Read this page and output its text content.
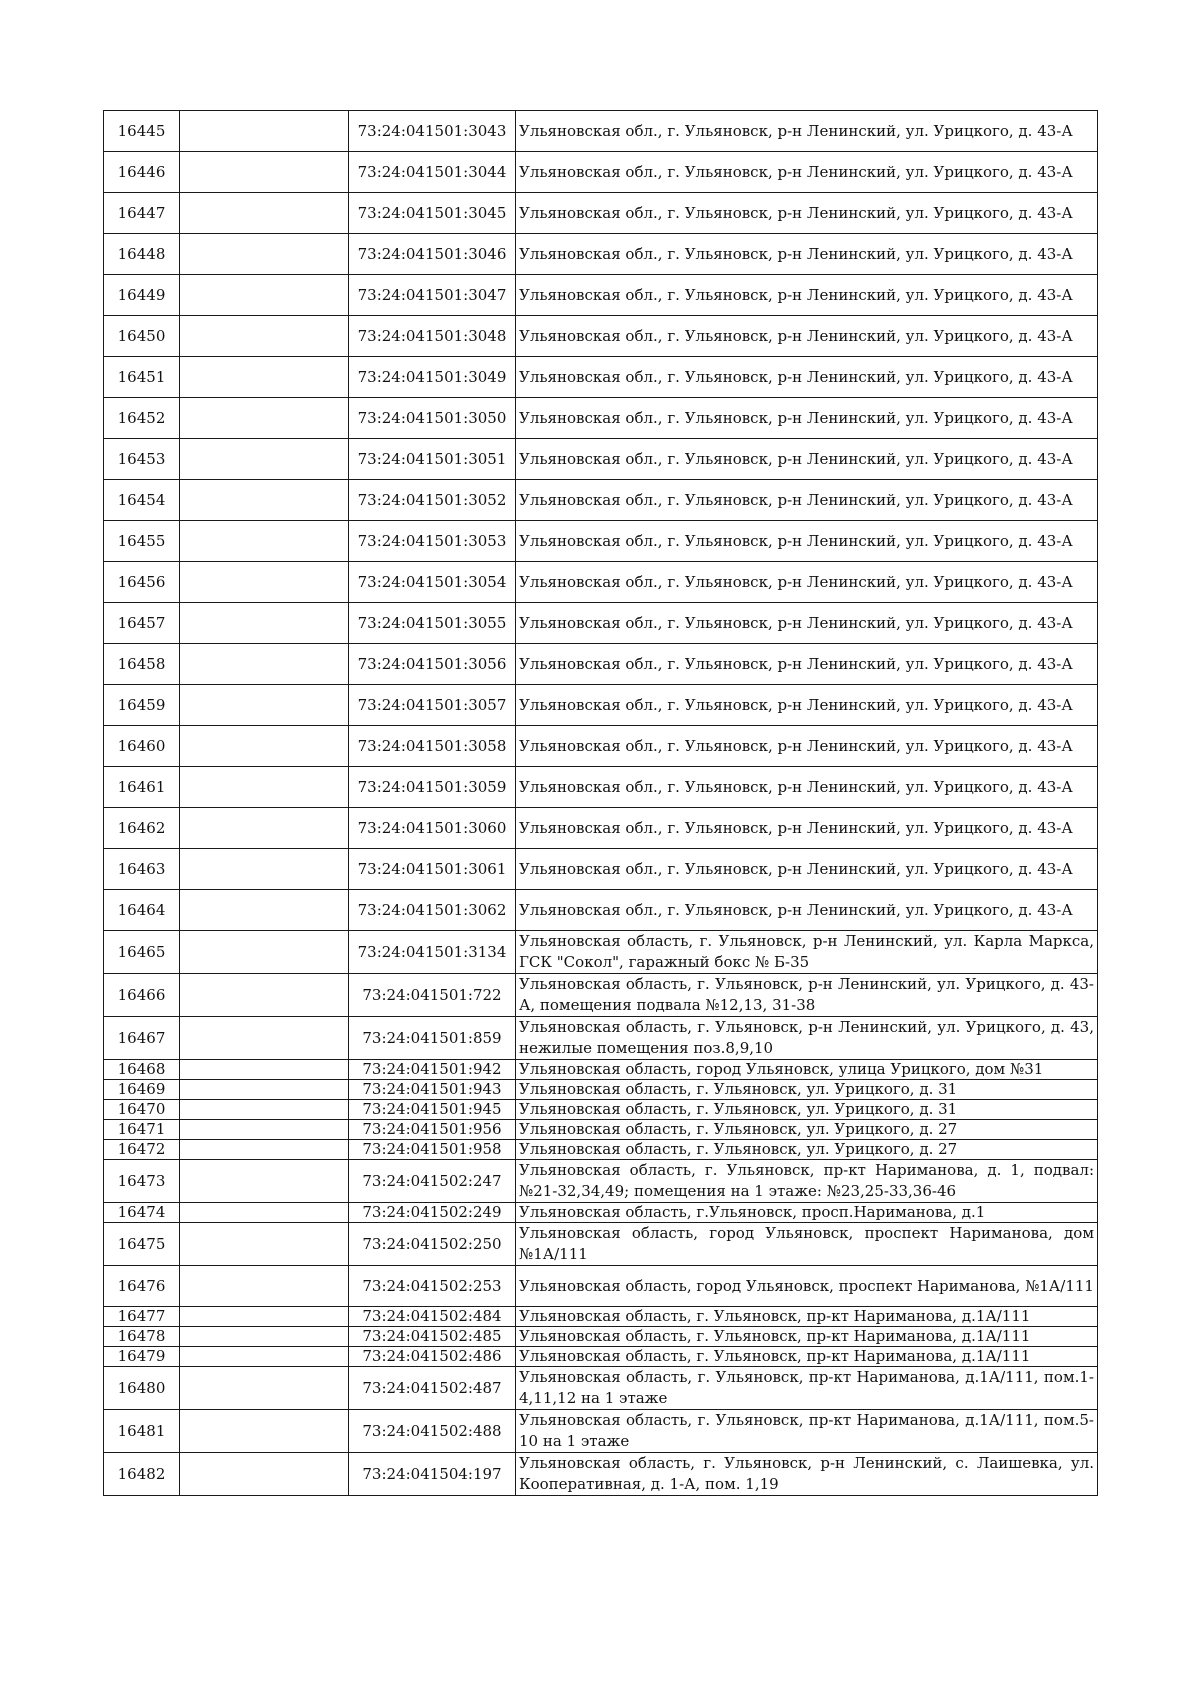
16445		73:24:041501:3043	Ульяновская обл., г. Ульяновск, р-н Ленинский, ул. Урицкого, д. 43-А
16446		73:24:041501:3044	Ульяновская обл., г. Ульяновск, р-н Ленинский, ул. Урицкого, д. 43-А
16447		73:24:041501:3045	Ульяновская обл., г. Ульяновск, р-н Ленинский, ул. Урицкого, д. 43-А
16448		73:24:041501:3046	Ульяновская обл., г. Ульяновск, р-н Ленинский, ул. Урицкого, д. 43-А
16449		73:24:041501:3047	Ульяновская обл., г. Ульяновск, р-н Ленинский, ул. Урицкого, д. 43-А
16450		73:24:041501:3048	Ульяновская обл., г. Ульяновск, р-н Ленинский, ул. Урицкого, д. 43-А
16451		73:24:041501:3049	Ульяновская обл., г. Ульяновск, р-н Ленинский, ул. Урицкого, д. 43-А
16452		73:24:041501:3050	Ульяновская обл., г. Ульяновск, р-н Ленинский, ул. Урицкого, д. 43-А
16453		73:24:041501:3051	Ульяновская обл., г. Ульяновск, р-н Ленинский, ул. Урицкого, д. 43-А
16454		73:24:041501:3052	Ульяновская обл., г. Ульяновск, р-н Ленинский, ул. Урицкого, д. 43-А
16455		73:24:041501:3053	Ульяновская обл., г. Ульяновск, р-н Ленинский, ул. Урицкого, д. 43-А
16456		73:24:041501:3054	Ульяновская обл., г. Ульяновск, р-н Ленинский, ул. Урицкого, д. 43-А
16457		73:24:041501:3055	Ульяновская обл., г. Ульяновск, р-н Ленинский, ул. Урицкого, д. 43-А
16458		73:24:041501:3056	Ульяновская обл., г. Ульяновск, р-н Ленинский, ул. Урицкого, д. 43-А
16459		73:24:041501:3057	Ульяновская обл., г. Ульяновск, р-н Ленинский, ул. Урицкого, д. 43-А
16460		73:24:041501:3058	Ульяновская обл., г. Ульяновск, р-н Ленинский, ул. Урицкого, д. 43-А
16461		73:24:041501:3059	Ульяновская обл., г. Ульяновск, р-н Ленинский, ул. Урицкого, д. 43-А
16462		73:24:041501:3060	Ульяновская обл., г. Ульяновск, р-н Ленинский, ул. Урицкого, д. 43-А
16463		73:24:041501:3061	Ульяновская обл., г. Ульяновск, р-н Ленинский, ул. Урицкого, д. 43-А
16464		73:24:041501:3062	Ульяновская обл., г. Ульяновск, р-н Ленинский, ул. Урицкого, д. 43-А
16465		73:24:041501:3134	Ульяновская область, г. Ульяновск, р-н Ленинский, ул. Карла Маркса, ГСК "Сокол", гаражный бокс № Б-35
16466		73:24:041501:722	Ульяновская область, г. Ульяновск, р-н Ленинский, ул. Урицкого, д. 43-А, помещения подвала №12,13, 31-38
16467		73:24:041501:859	Ульяновская область, г. Ульяновск, р-н Ленинский, ул. Урицкого, д. 43, нежилые помещения поз.8,9,10
16468		73:24:041501:942	Ульяновская область, город Ульяновск, улица Урицкого, дом №31
16469		73:24:041501:943	Ульяновская область, г. Ульяновск, ул. Урицкого, д. 31
16470		73:24:041501:945	Ульяновская область, г. Ульяновск, ул. Урицкого, д. 31
16471		73:24:041501:956	Ульяновская область, г. Ульяновск, ул. Урицкого, д. 27
16472		73:24:041501:958	Ульяновская область, г. Ульяновск, ул. Урицкого, д. 27
16473		73:24:041502:247	Ульяновская область, г. Ульяновск, пр-кт Нариманова, д. 1, подвал:№21-32,34,49; помещения на 1 этаже: №23,25-33,36-46
16474		73:24:041502:249	Ульяновская область, г.Ульяновск, просп.Нариманова, д.1
16475		73:24:041502:250	Ульяновская область, город Ульяновск, проспект Нариманова, дом №1А/111
16476		73:24:041502:253	Ульяновская область, город Ульяновск, проспект Нариманова, №1А/111
16477		73:24:041502:484	Ульяновская область, г. Ульяновск, пр-кт Нариманова, д.1А/111
16478		73:24:041502:485	Ульяновская область, г. Ульяновск, пр-кт Нариманова, д.1А/111
16479		73:24:041502:486	Ульяновская область, г. Ульяновск, пр-кт Нариманова, д.1А/111
16480		73:24:041502:487	Ульяновская область, г. Ульяновск, пр-кт Нариманова, д.1А/111, пом.1-4,11,12 на 1 этаже
16481		73:24:041502:488	Ульяновская область, г. Ульяновск, пр-кт Нариманова, д.1А/111, пом.5-10 на 1 этаже
16482		73:24:041504:197	Ульяновская область, г. Ульяновск, р-н Ленинский, с. Лаишевка, ул. Кооперативная, д. 1-А, пом. 1,19
